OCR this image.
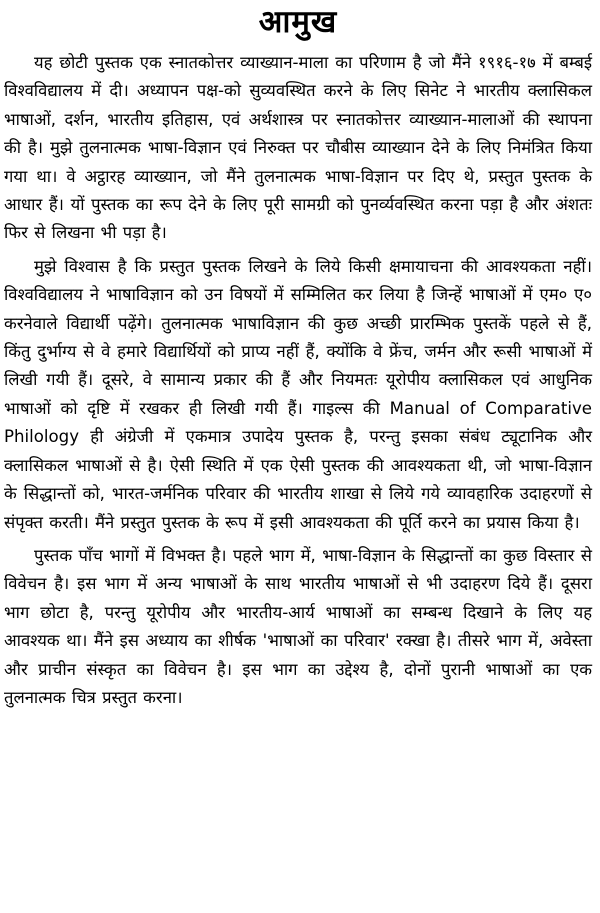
आमुख

यह छोटी पुस्तक एक स्नातकोत्तर व्याख्यान-माला का परिणाम है जो मैंने १९१६-१७ में बम्बई विश्वविद्यालय में दी। अध्यापन पक्ष-को सुव्यवस्थित करने के लिए सिनेट ने भारतीय क्लासिकल भाषाओं, दर्शन, भारतीय इतिहास, एवं अर्थशास्त्र पर स्नातकोत्तर व्याख्यान-मालाओं की स्थापना की है। मुझे तुलनात्मक भाषा-विज्ञान एवं निरुक्त पर चौबीस व्याख्यान देने के लिए निमंत्रित किया गया था। वे अट्ठारह व्याख्यान, जो मैंने तुलनात्मक भाषा-विज्ञान पर दिए थे, प्रस्तुत पुस्तक के आधार हैं। यों पुस्तक का रूप देने के लिए पूरी सामग्री को पुनर्व्यवस्थित करना पड़ा है और अंशतः फिर से लिखना भी पड़ा है।

मुझे विश्वास है कि प्रस्तुत पुस्तक लिखने के लिये किसी क्षमायाचना की आवश्यकता नहीं। विश्वविद्यालय ने भाषाविज्ञान को उन विषयों में सम्मिलित कर लिया है जिन्हें भाषाओं में एम० ए० करनेवाले विद्यार्थी पढ़ेंगे। तुलनात्मक भाषाविज्ञान की कुछ अच्छी प्रारम्भिक पुस्तकें पहले से हैं, किंतु दुर्भाग्य से वे हमारे विद्यार्थियों को प्राप्य नहीं हैं, क्योंकि वे फ्रेंच, जर्मन और रूसी भाषाओं में लिखी गयी हैं। दूसरे, वे सामान्य प्रकार की हैं और नियमतः यूरोपीय क्लासिकल एवं आधुनिक भाषाओं को दृष्टि में रखकर ही लिखी गयी हैं। गाइल्स की Manual of Comparative Philology ही अंग्रेजी में एकमात्र उपादेय पुस्तक है, परन्तु इसका संबंध ट्यूटानिक और क्लासिकल भाषाओं से है। ऐसी स्थिति में एक ऐसी पुस्तक की आवश्यकता थी, जो भाषा-विज्ञान के सिद्धान्तों को, भारत-जर्मनिक परिवार की भारतीय शाखा से लिये गये व्यावहारिक उदाहरणों से संपृक्त करती। मैंने प्रस्तुत पुस्तक के रूप में इसी आवश्यकता की पूर्ति करने का प्रयास किया है।

पुस्तक पाँच भागों में विभक्त है। पहले भाग में, भाषा-विज्ञान के सिद्धान्तों का कुछ विस्तार से विवेचन है। इस भाग में अन्य भाषाओं के साथ भारतीय भाषाओं से भी उदाहरण दिये हैं। दूसरा भाग छोटा है, परन्तु यूरोपीय और भारतीय-आर्य भाषाओं का सम्बन्ध दिखाने के लिए यह आवश्यक था। मैंने इस अध्याय का शीर्षक 'भाषाओं का परिवार' रक्खा है। तीसरे भाग में, अवेस्ता और प्राचीन संस्कृत का विवेचन है। इस भाग का उद्देश्य है, दोनों पुरानी भाषाओं का एक तुलनात्मक चित्र प्रस्तुत करना।
